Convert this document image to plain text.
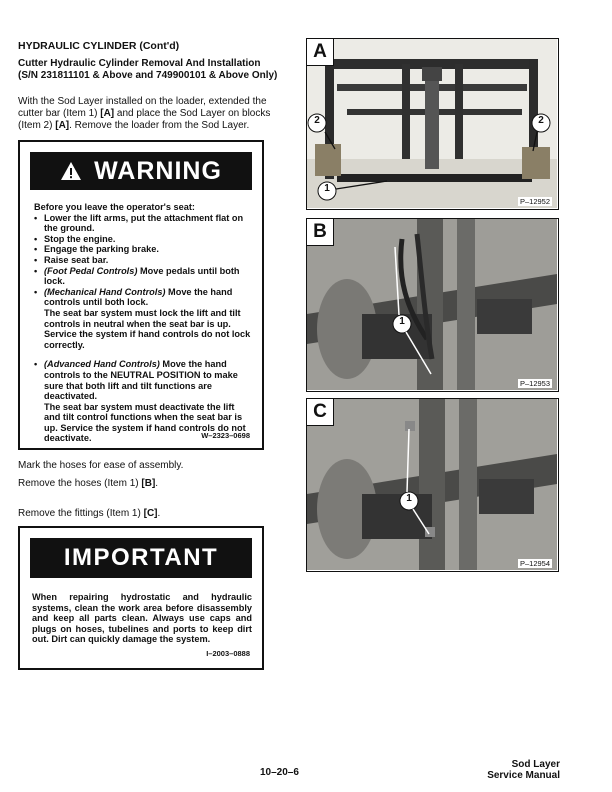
HYDRAULIC CYLINDER (Cont'd)
Cutter Hydraulic Cylinder Removal And Installation (S/N 231811101 & Above and 749900101 & Above Only)
With the Sod Layer installed on the loader, extended the cutter bar (Item 1) [A] and place the Sod Layer on blocks (Item 2) [A]. Remove the loader from the Sod Layer.
WARNING

Before you leave the operator's seat:

• Lower the lift arms, put the attachment flat on the ground.
• Stop the engine.
• Engage the parking brake.
• Raise seat bar.
• (Foot Pedal Controls) Move pedals until both lock.
• (Mechanical Hand Controls) Move the hand controls until both lock.
The seat bar system must lock the lift and tilt controls in neutral when the seat bar is up. Service the system if hand controls do not lock correctly.
• (Advanced Hand Controls) Move the hand controls to the NEUTRAL POSITION to make sure that both lift and tilt functions are deactivated.
The seat bar system must deactivate the lift and tilt control functions when the seat bar is up. Service the system if hand controls do not deactivate.	W–2323–0698
Mark the hoses for ease of assembly.
Remove the hoses (Item 1) [B].
Remove the fittings (Item 1) [C].
IMPORTANT
When repairing hydrostatic and hydraulic systems, clean the work area before disassembly and keep all parts clean. Always use caps and plugs on hoses, tubelines and ports to keep dirt out. Dirt can quickly damage the system.
I–2003–0888
A
2	2
1
P–12952
B
1
P–12953
C
1
P–12954
10–20–6
Sod Layer
Service Manual
